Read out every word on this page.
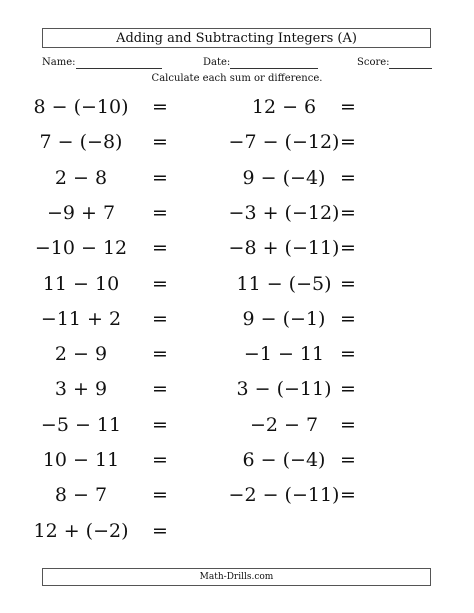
Adding and Subtracting Integers (A)
Name:	Date:	Score:
Calculate each sum or difference.
8 − (−10)	=
7 − (−8)	=
2 − 8	=
−9 + 7	=
−10 − 12	=
11 − 10	=
−11 + 2	=
2 − 9	=
3 + 9	=
−5 − 11	=
10 − 11	=
8 − 7	=
12 + (−2)	=
12 − 6	=
−7 − (−12) =
9 − (−4) =
−3 + (−12) =
−8 + (−11) =
11 − (−5) =
9 − (−1) =
−1 − 11 =
3 − (−11) =
−2 − 7	=
6 − (−4) =
−2 − (−11) =
Math-Drills.com
